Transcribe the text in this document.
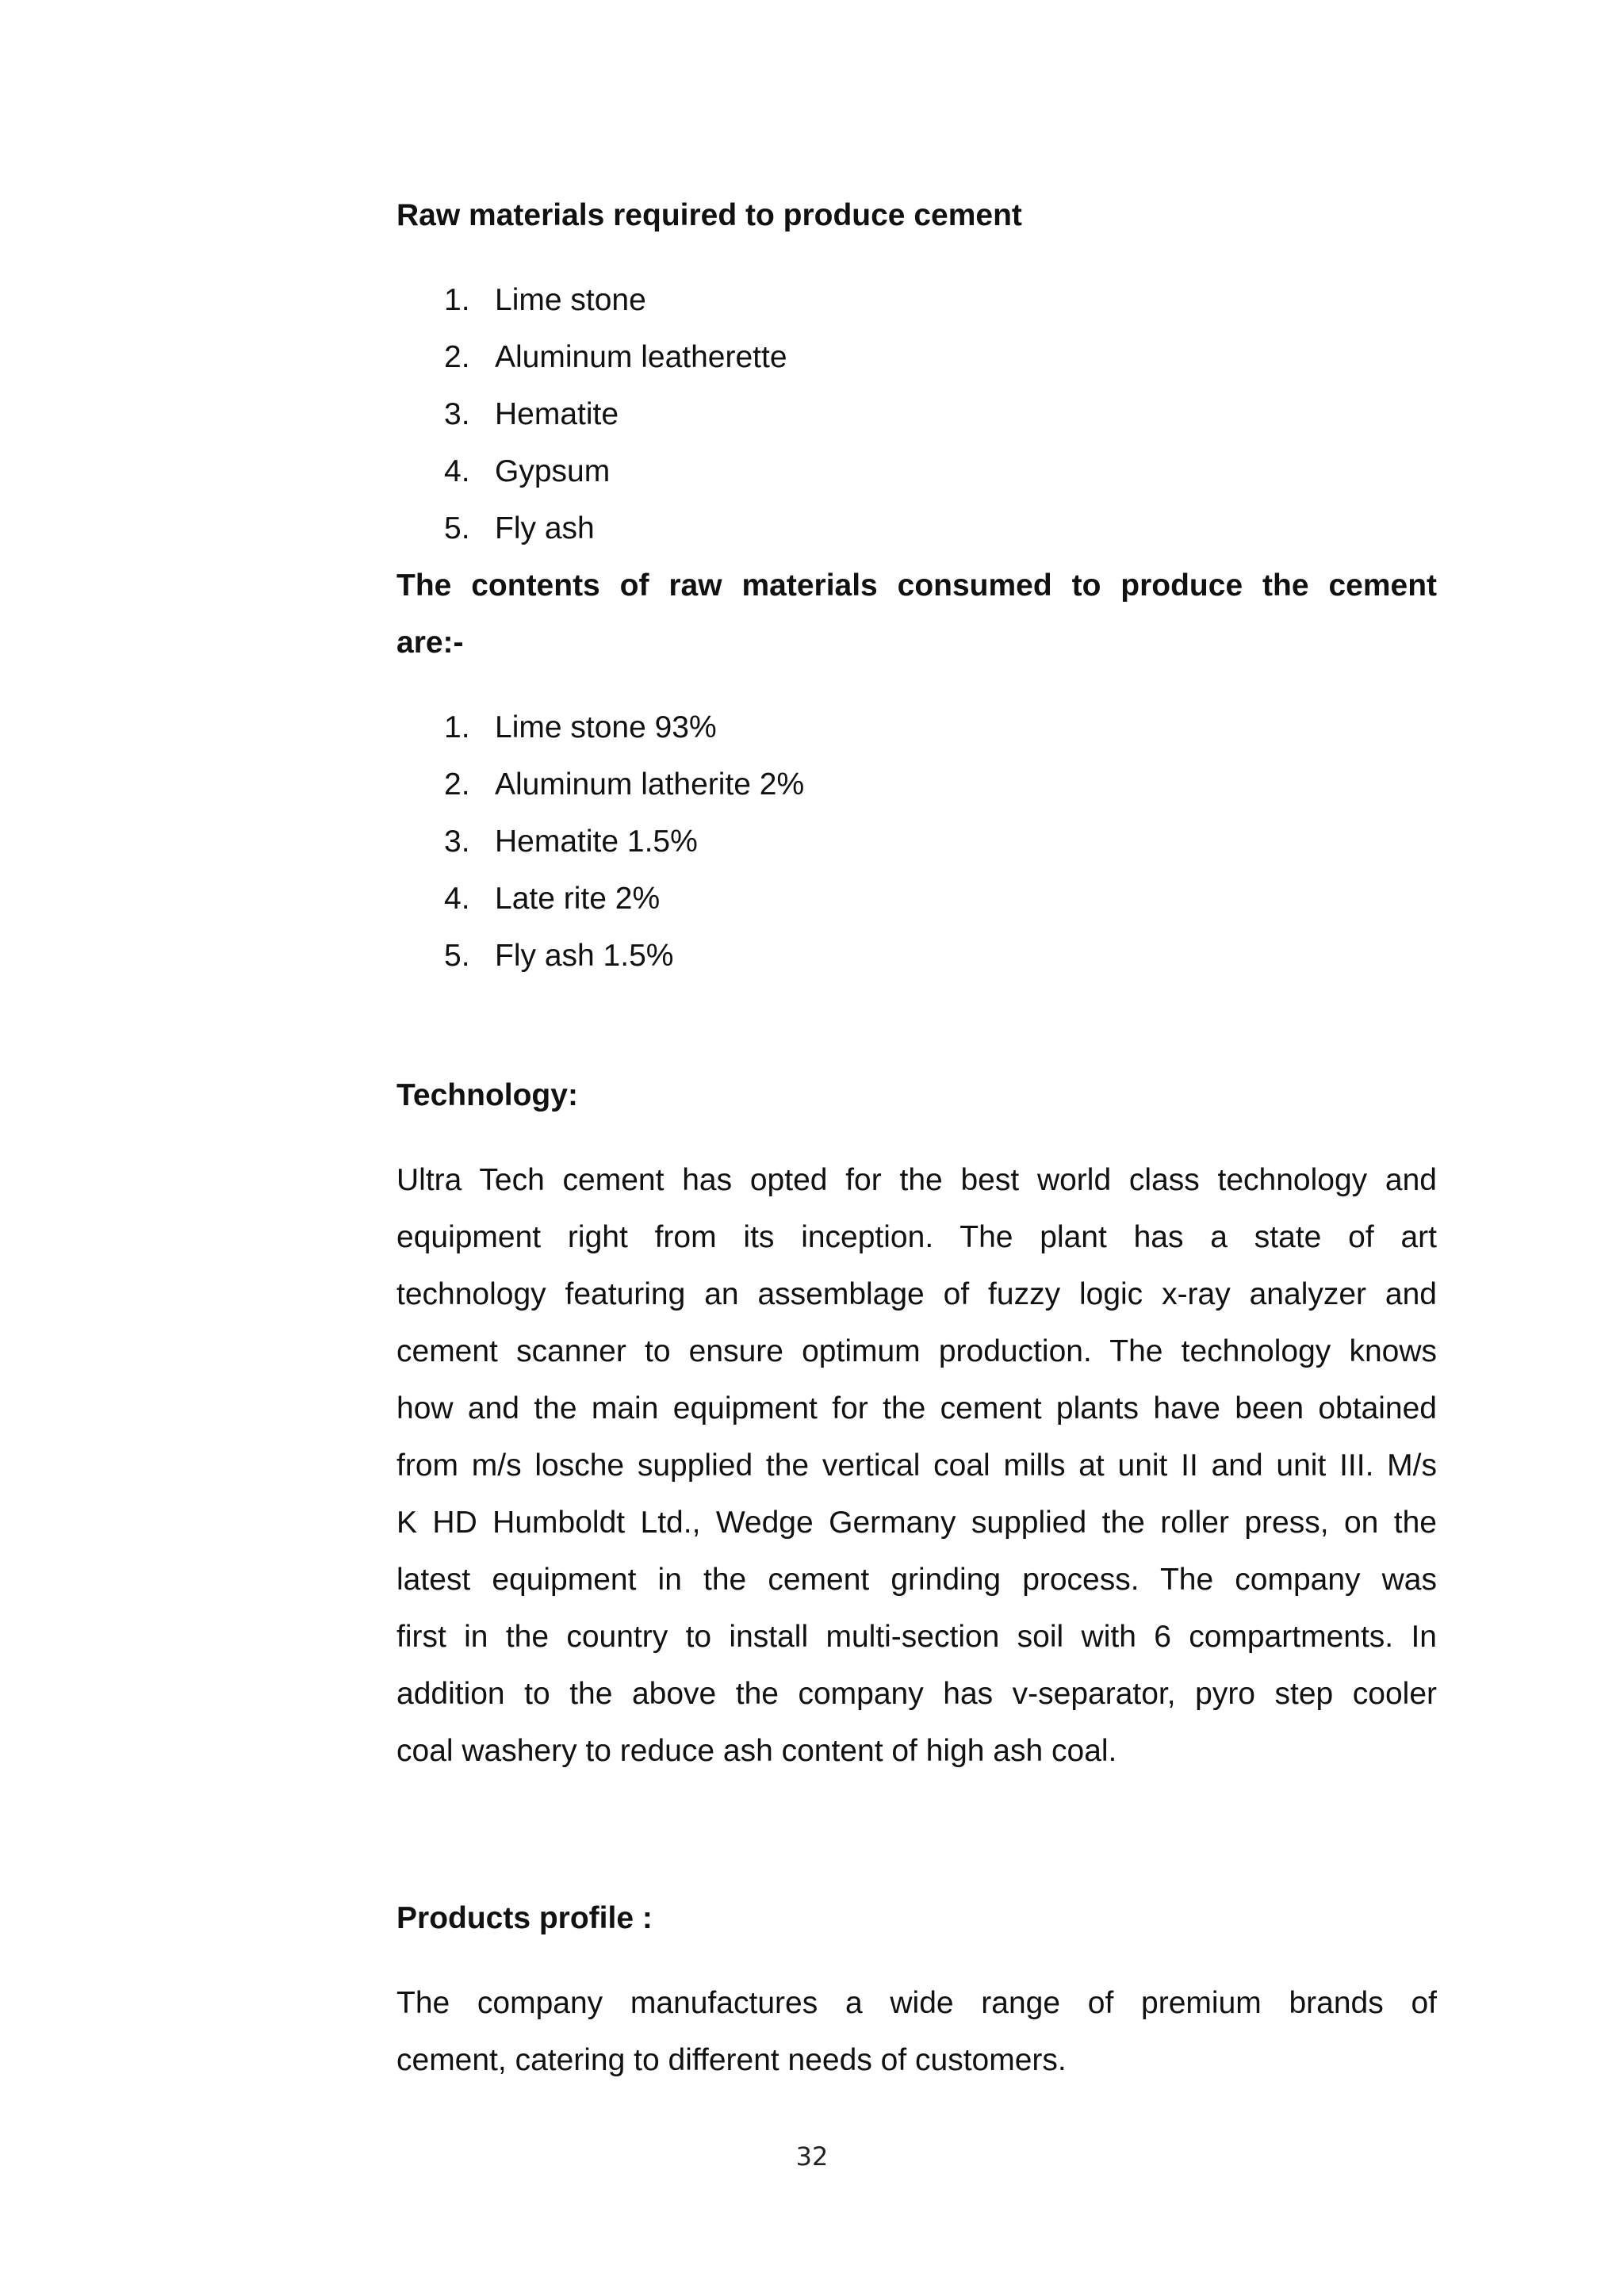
Raw materials required to produce cement
1. Lime stone
2. Aluminum leatherette
3. Hematite
4. Gypsum
5. Fly ash
The contents of raw materials consumed to produce the cement
are:-
1. Lime stone 93%
2. Aluminum latherite 2%
3. Hematite 1.5%
4. Late rite 2%
5. Fly ash 1.5%
Technology:
Ultra Tech cement has opted for the best world class technology and
equipment right from its inception. The plant has a state of art
technology featuring an assemblage of fuzzy logic x-ray analyzer and
cement scanner to ensure optimum production. The technology knows
how and the main equipment for the cement plants have been obtained
from m/s losche supplied the vertical coal mills at unit II and unit III. M/s
K HD Humboldt Ltd., Wedge Germany supplied the roller press, on the
latest equipment in the cement grinding process. The company was
first in the country to install multi-section soil with 6 compartments. In
addition to the above the company has v-separator, pyro step cooler
coal washery to reduce ash content of high ash coal.
Products profile :
The company manufactures a wide range of premium brands of
cement, catering to different needs of customers.
32
